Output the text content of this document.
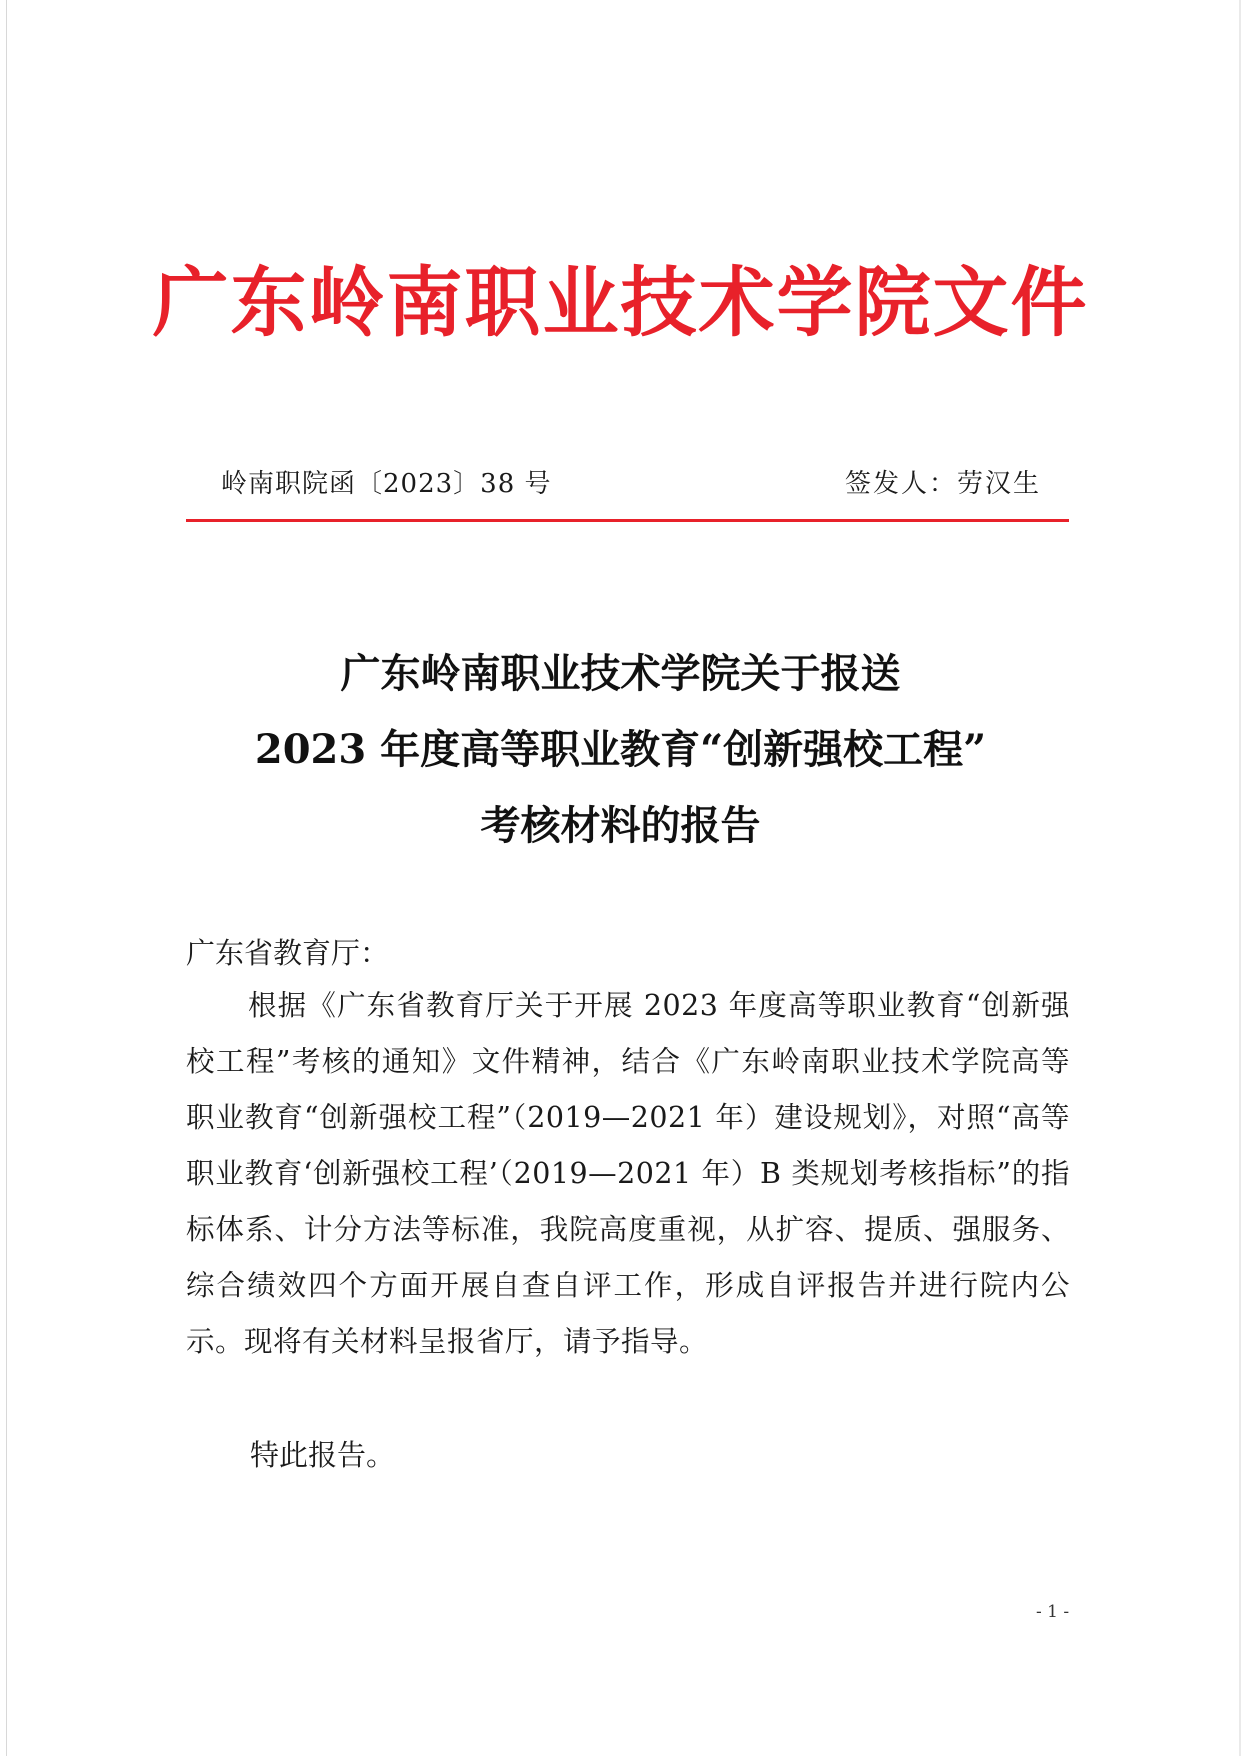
广东岭南职业技术学院文件
岭南职院函〔2023〕38 号	签发人：劳汉生
广东岭南职业技术学院关于报送
2023 年度高等职业教育“创新强校工程”
考核材料的报告
广东省教育厅：
根据《广东省教育厅关于开展 2023 年度高等职业教育“创新强校工程”考核的通知》文件精神，结合《广东岭南职业技术学院高等职业教育“创新强校工程”（2019—2021 年）建设规划》，对照“高等职业教育‘创新强校工程’（2019—2021 年）B 类规划考核指标”的指标体系、计分方法等标准，我院高度重视，从扩容、提质、强服务、综合绩效四个方面开展自查自评工作，形成自评报告并进行院内公示。现将有关材料呈报省厅，请予指导。
特此报告。
- 1 -
